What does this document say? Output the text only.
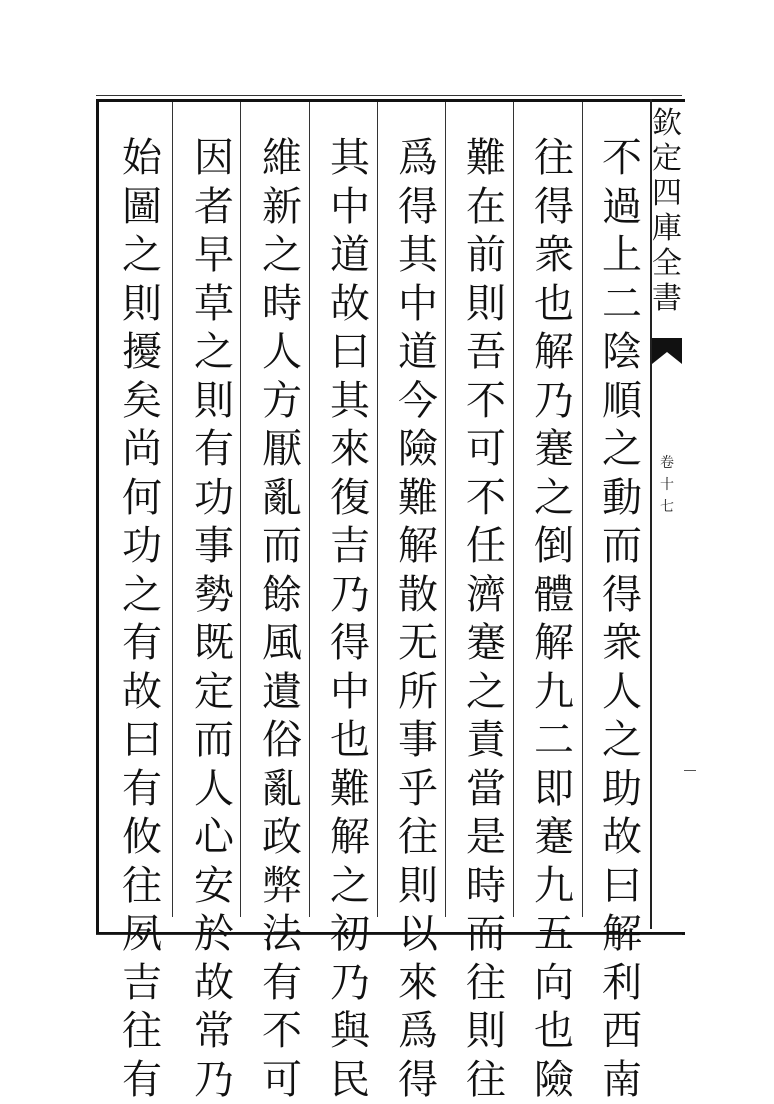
欽
定
四
庫
全
書
卷
十
七
不
過
上
二
陰
順
之
動
而
得
衆
人
之
助
故
曰
解
利
西
南
往
得
衆
也
解
乃
蹇
之
倒
體
解
九
二
即
蹇
九
五
向
也
險
難
在
前
則
吾
不
可
不
任
濟
蹇
之
責
當
是
時
而
往
則
往
爲
得
其
中
道
今
險
難
解
散
无
所
事
乎
往
則
以
來
爲
得
其
中
道
故
曰
其
來
復
吉
乃
得
中
也
難
解
之
初
乃
與
民
維
新
之
時
人
方
厭
亂
而
餘
風
遺
俗
亂
政
弊
法
有
不
可
因
者
早
草
之
則
有
功
事
勢
既
定
而
人
心
安
於
故
常
乃
始
圖
之
則
擾
矣
尚
何
功
之
有
故
曰
有
攸
往
夙
吉
往
有
